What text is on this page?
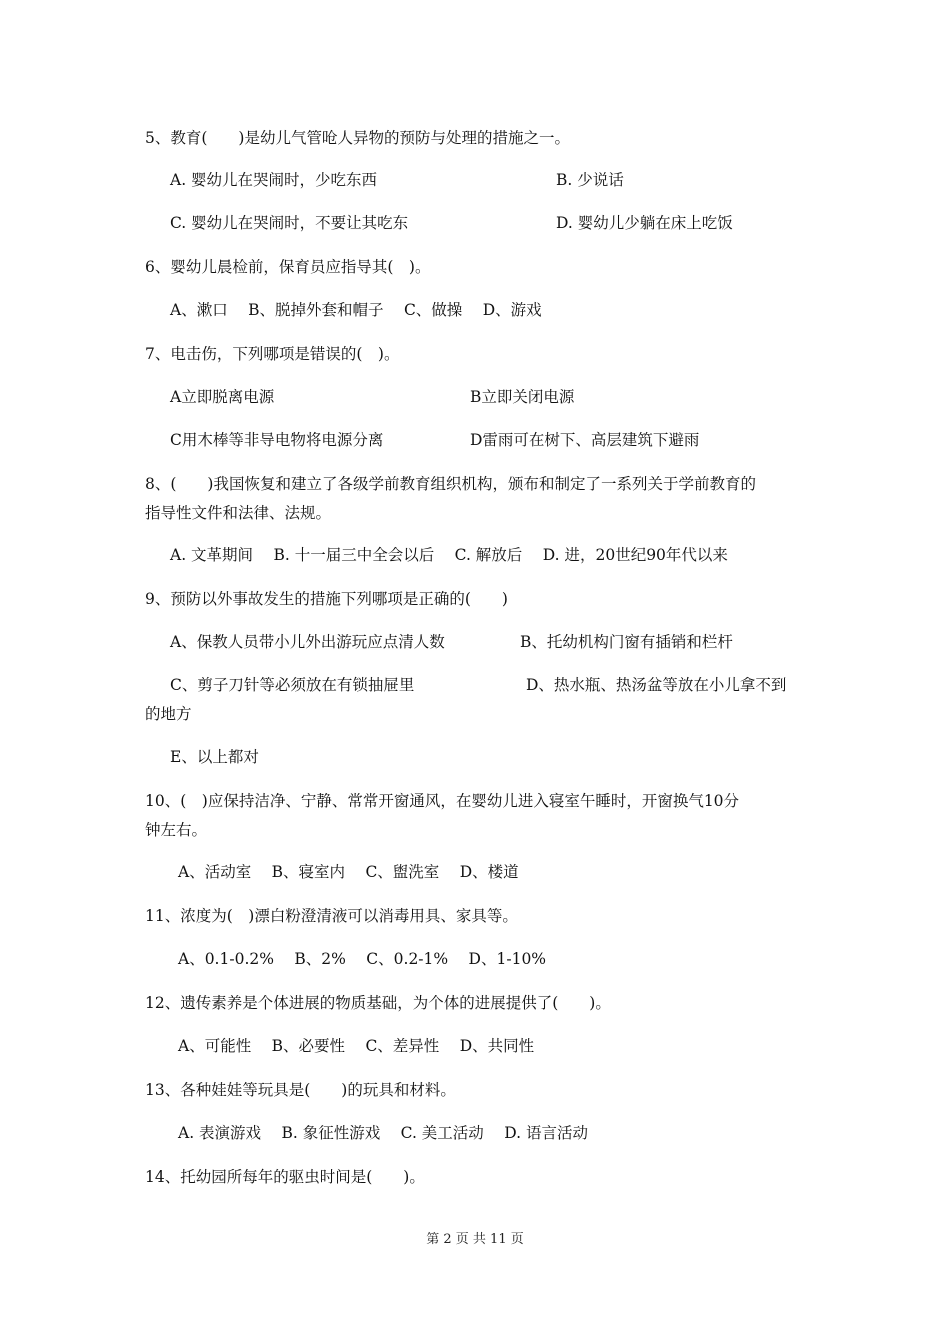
5、教育(　　)是幼儿气管呛人异物的预防与处理的措施之一。
A. 婴幼儿在哭闹时，少吃东西	B. 少说话
C. 婴幼儿在哭闹时，不要让其吃东	D. 婴幼儿少躺在床上吃饭
6、婴幼儿晨检前，保育员应指导其(　)。
A、漱口　 B、脱掉外套和帽子　 C、做操　 D、游戏
7、电击伤，下列哪项是错误的(　)。
A立即脱离电源	B立即关闭电源
C用木棒等非导电物将电源分离	D雷雨可在树下、高层建筑下避雨
8、(　　)我国恢复和建立了各级学前教育组织机构，颁布和制定了一系列关于学前教育的
指导性文件和法律、法规。
A. 文革期间　 B. 十一届三中全会以后　 C. 解放后　 D. 进，20世纪90年代以来
9、预防以外事故发生的措施下列哪项是正确的(　　)
A、保教人员带小儿外出游玩应点清人数	B、托幼机构门窗有插销和栏杆
C、剪子刀针等必须放在有锁抽屉里	D、热水瓶、热汤盆等放在小儿拿不到
的地方
E、以上都对
10、(　)应保持洁净、宁静、常常开窗通风，在婴幼儿进入寝室午睡时，开窗换气10分
钟左右。
A、活动室　 B、寝室内　 C、盥洗室　 D、楼道
11、浓度为(　)漂白粉澄清液可以消毒用具、家具等。
A、0.1-0.2%　 B、2%　 C、0.2-1%　 D、1-10%
12、遗传素养是个体进展的物质基础，为个体的进展提供了(　　)。
A、可能性　 B、必要性　 C、差异性　 D、共同性
13、各种娃娃等玩具是(　　)的玩具和材料。
A. 表演游戏　 B. 象征性游戏　 C. 美工活动　 D. 语言活动
14、托幼园所每年的驱虫时间是(　　)。
第 2 页 共 11 页
